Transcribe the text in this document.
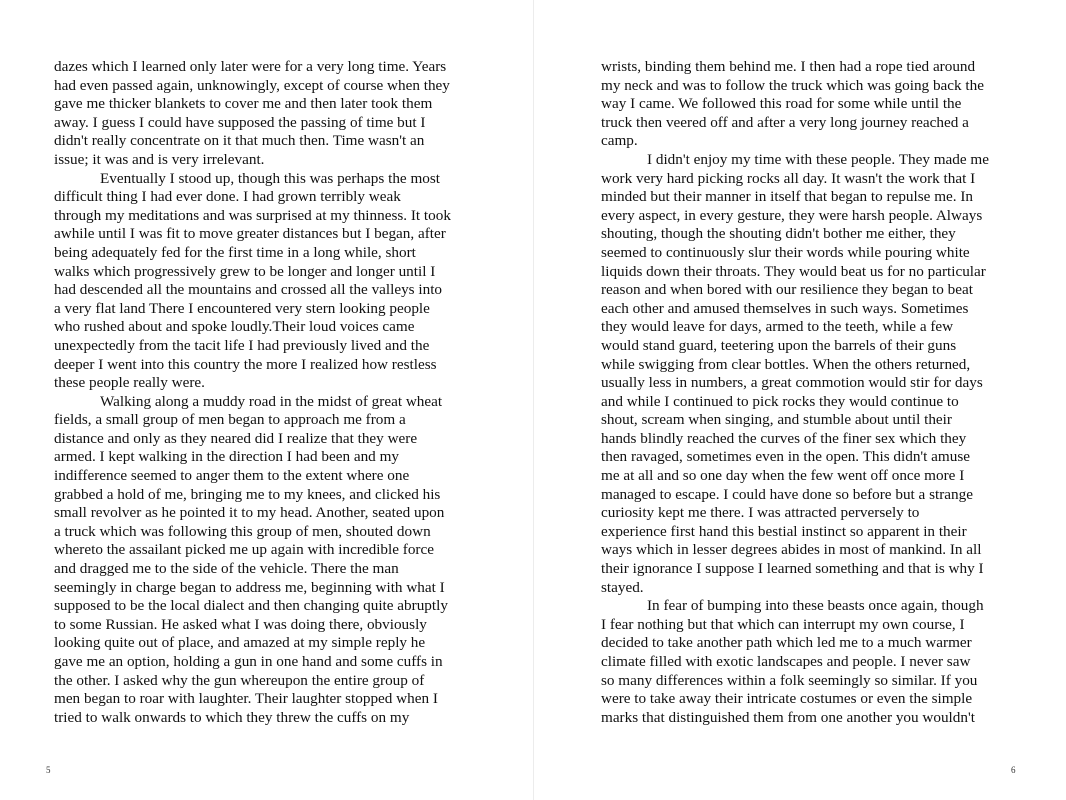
dazes which I learned only later were for a very long time. Years
had even passed again, unknowingly, except of course when they
gave me thicker blankets to cover me and then later took them
away. I guess I could have supposed the passing of time but I
didn't really concentrate on it that much then. Time wasn't an
issue; it was and is very irrelevant.
Eventually I stood up, though this was perhaps the most
difficult thing I had ever done. I had grown terribly weak
through my meditations and was surprised at my thinness. It took
awhile until I was fit to move greater distances but I began, after
being adequately fed for the first time in a long while, short
walks which progressively grew to be longer and longer until I
had descended all the mountains and crossed all the valleys into
a very flat land There I encountered very stern looking people
who rushed about and spoke loudly.Their loud voices came
unexpectedly from the tacit life I had previously lived and the
deeper I went into this country the more I realized how restless
these people really were.
Walking along a muddy road in the midst of great wheat
fields, a small group of men began to approach me from a
distance and only as they neared did I realize that they were
armed. I kept walking in the direction I had been and my
indifference seemed to anger them to the extent where one
grabbed a hold of me, bringing me to my knees, and clicked his
small revolver as he pointed it to my head. Another, seated upon
a truck which was following this group of men, shouted down
whereto the assailant picked me up again with incredible force
and dragged me to the side of the vehicle. There the man
seemingly in charge began to address me, beginning with what I
supposed to be the local dialect and then changing quite abruptly
to some Russian. He asked what I was doing there, obviously
looking quite out of place, and amazed at my simple reply he
gave me an option, holding a gun in one hand and some cuffs in
the other. I asked why the gun whereupon the entire group of
men began to roar with laughter. Their laughter stopped when I
tried to walk onwards to which they threw the cuffs on my
5
wrists, binding them behind me. I then had a rope tied around
my neck and was to follow the truck which was going back the
way I came. We followed this road for some while until the
truck then veered off and after a very long journey reached a
camp.
I didn't enjoy my time with these people. They made me
work very hard picking rocks all day. It wasn't the work that I
minded but their manner in itself that began to repulse me. In
every aspect, in every gesture, they were harsh people. Always
shouting, though the shouting didn't bother me either, they
seemed to continuously slur their words while pouring white
liquids down their throats. They would beat us for no particular
reason and when bored with our resilience they began to beat
each other and amused themselves in such ways. Sometimes
they would leave for days, armed to the teeth, while a few
would stand guard, teetering upon the barrels of their guns
while swigging from clear bottles. When the others returned,
usually less in numbers, a great commotion would stir for days
and while I continued to pick rocks they would continue to
shout, scream when singing, and stumble about until their
hands blindly reached the curves of the finer sex which they
then ravaged, sometimes even in the open. This didn't amuse
me at all and so one day when the few went off once more I
managed to escape. I could have done so before but a strange
curiosity kept me there. I was attracted perversely to
experience first hand this bestial instinct so apparent in their
ways which in lesser degrees abides in most of mankind. In all
their ignorance I suppose I learned something and that is why I
stayed.
In fear of bumping into these beasts once again, though
I fear nothing but that which can interrupt my own course, I
decided to take another path which led me to a much warmer
climate filled with exotic landscapes and people. I never saw
so many differences within a folk seemingly so similar. If you
were to take away their intricate costumes or even the simple
marks that distinguished them from one another you wouldn't
6
